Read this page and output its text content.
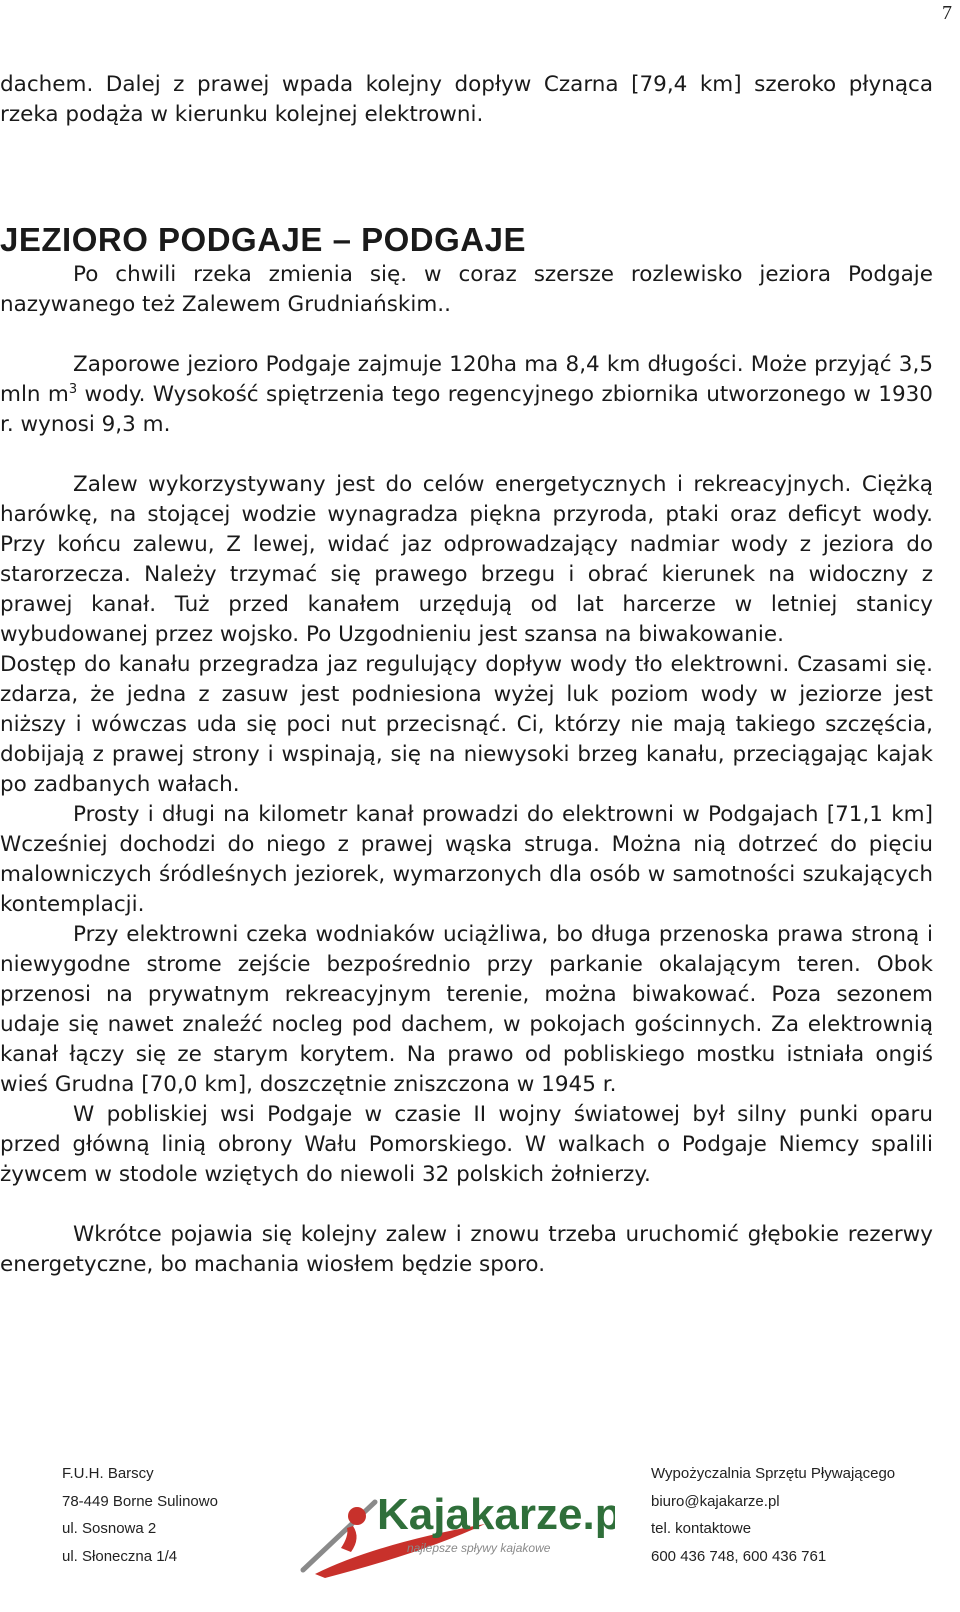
7

dachem. Dalej z prawej wpada kolejny dopływ Czarna [79,4 km] szeroko płynąca rzeka podąża w kierunku kolejnej elektrowni.

JEZIORO PODGAJE – PODGAJE

Po chwili rzeka zmienia się. w coraz szersze rozlewisko jeziora Podgaje nazywanego też Zalewem Grudniańskim..

Zaporowe jezioro Podgaje zajmuje 120ha ma 8,4 km długości. Może przyjąć 3,5 mln $m^3$ wody. Wysokość spiętrzenia tego regencyjnego zbiornika utworzonego w 1930 r. wynosi 9,3 m.

Zalew wykorzystywany jest do celów energetycznych i rekreacyjnych. Ciężką harówkę, na stojącej wodzie wynagradza piękna przyroda, ptaki oraz deficyt wody. Przy końcu zalewu, Z lewej, widać jaz odprowadzający nadmiar wody z jeziora do starorzecza. Należy trzymać się prawego brzegu i obrać kierunek na widoczny z prawej kanał. Tuż przed kanałem urzędują od lat harcerze w letniej stanicy wybudowanej przez wojsko. Po Uzgodnieniu jest szansa na biwakowanie.

Dostęp do kanału przegradza jaz regulujący dopływ wody tło elektrowni. Czasami się. zdarza, że jedna z zasuw jest podniesiona wyżej luk poziom wody w jeziorze jest niższy i wówczas uda się poci nut przecisnąć. Ci, którzy nie mają takiego szczęścia, dobijają z prawej strony i wspinają, się na niewysoki brzeg kanału, przeciągając kajak po zadbanych wałach.

Prosty i długi na kilometr kanał prowadzi do elektrowni w Podgajach [71,1 km] Wcześniej dochodzi do niego z prawej wąska struga. Można nią dotrzeć do pięciu malowniczych śródleśnych jeziorek, wymarzonych dla osób w samotności szukających kontemplacji.

Przy elektrowni czeka wodniaków uciążliwa, bo długa przenoska prawa stroną i niewygodne strome zejście bezpośrednio przy parkanie okalającym teren. Obok przenosi na prywatnym rekreacyjnym terenie, można biwakować. Poza sezonem udaje się nawet znaleźć nocleg pod dachem, w pokojach gościnnych. Za elektrownią kanał łączy się ze starym korytem. Na prawo od pobliskiego mostku istniała ongiś wieś Grudna [70,0 km], doszczętnie zniszczona w 1945 r.

W pobliskiej wsi Podgaje w czasie II wojny światowej był silny punki oparu przed główną linią obrony Wału Pomorskiego. W walkach o Podgaje Niemcy spalili żywcem w stodole wziętych do niewoli 32 polskich żołnierzy.

Wkrótce pojawia się kolejny zalew i znowu trzeba uruchomić głębokie rezerwy energetyczne, bo machania wiosłem będzie sporo.

F.U.H. Barscy
78-449 Borne Sulinowo
ul. Sosnowa 2
ul. Słoneczna 1/4
Kajakarze.pl
najlepsze spływy kajakowe
Wypożyczalnia Sprzętu Pływającego
biuro@kajakarze.pl
tel. kontaktowe
600 436 748, 600 436 761
